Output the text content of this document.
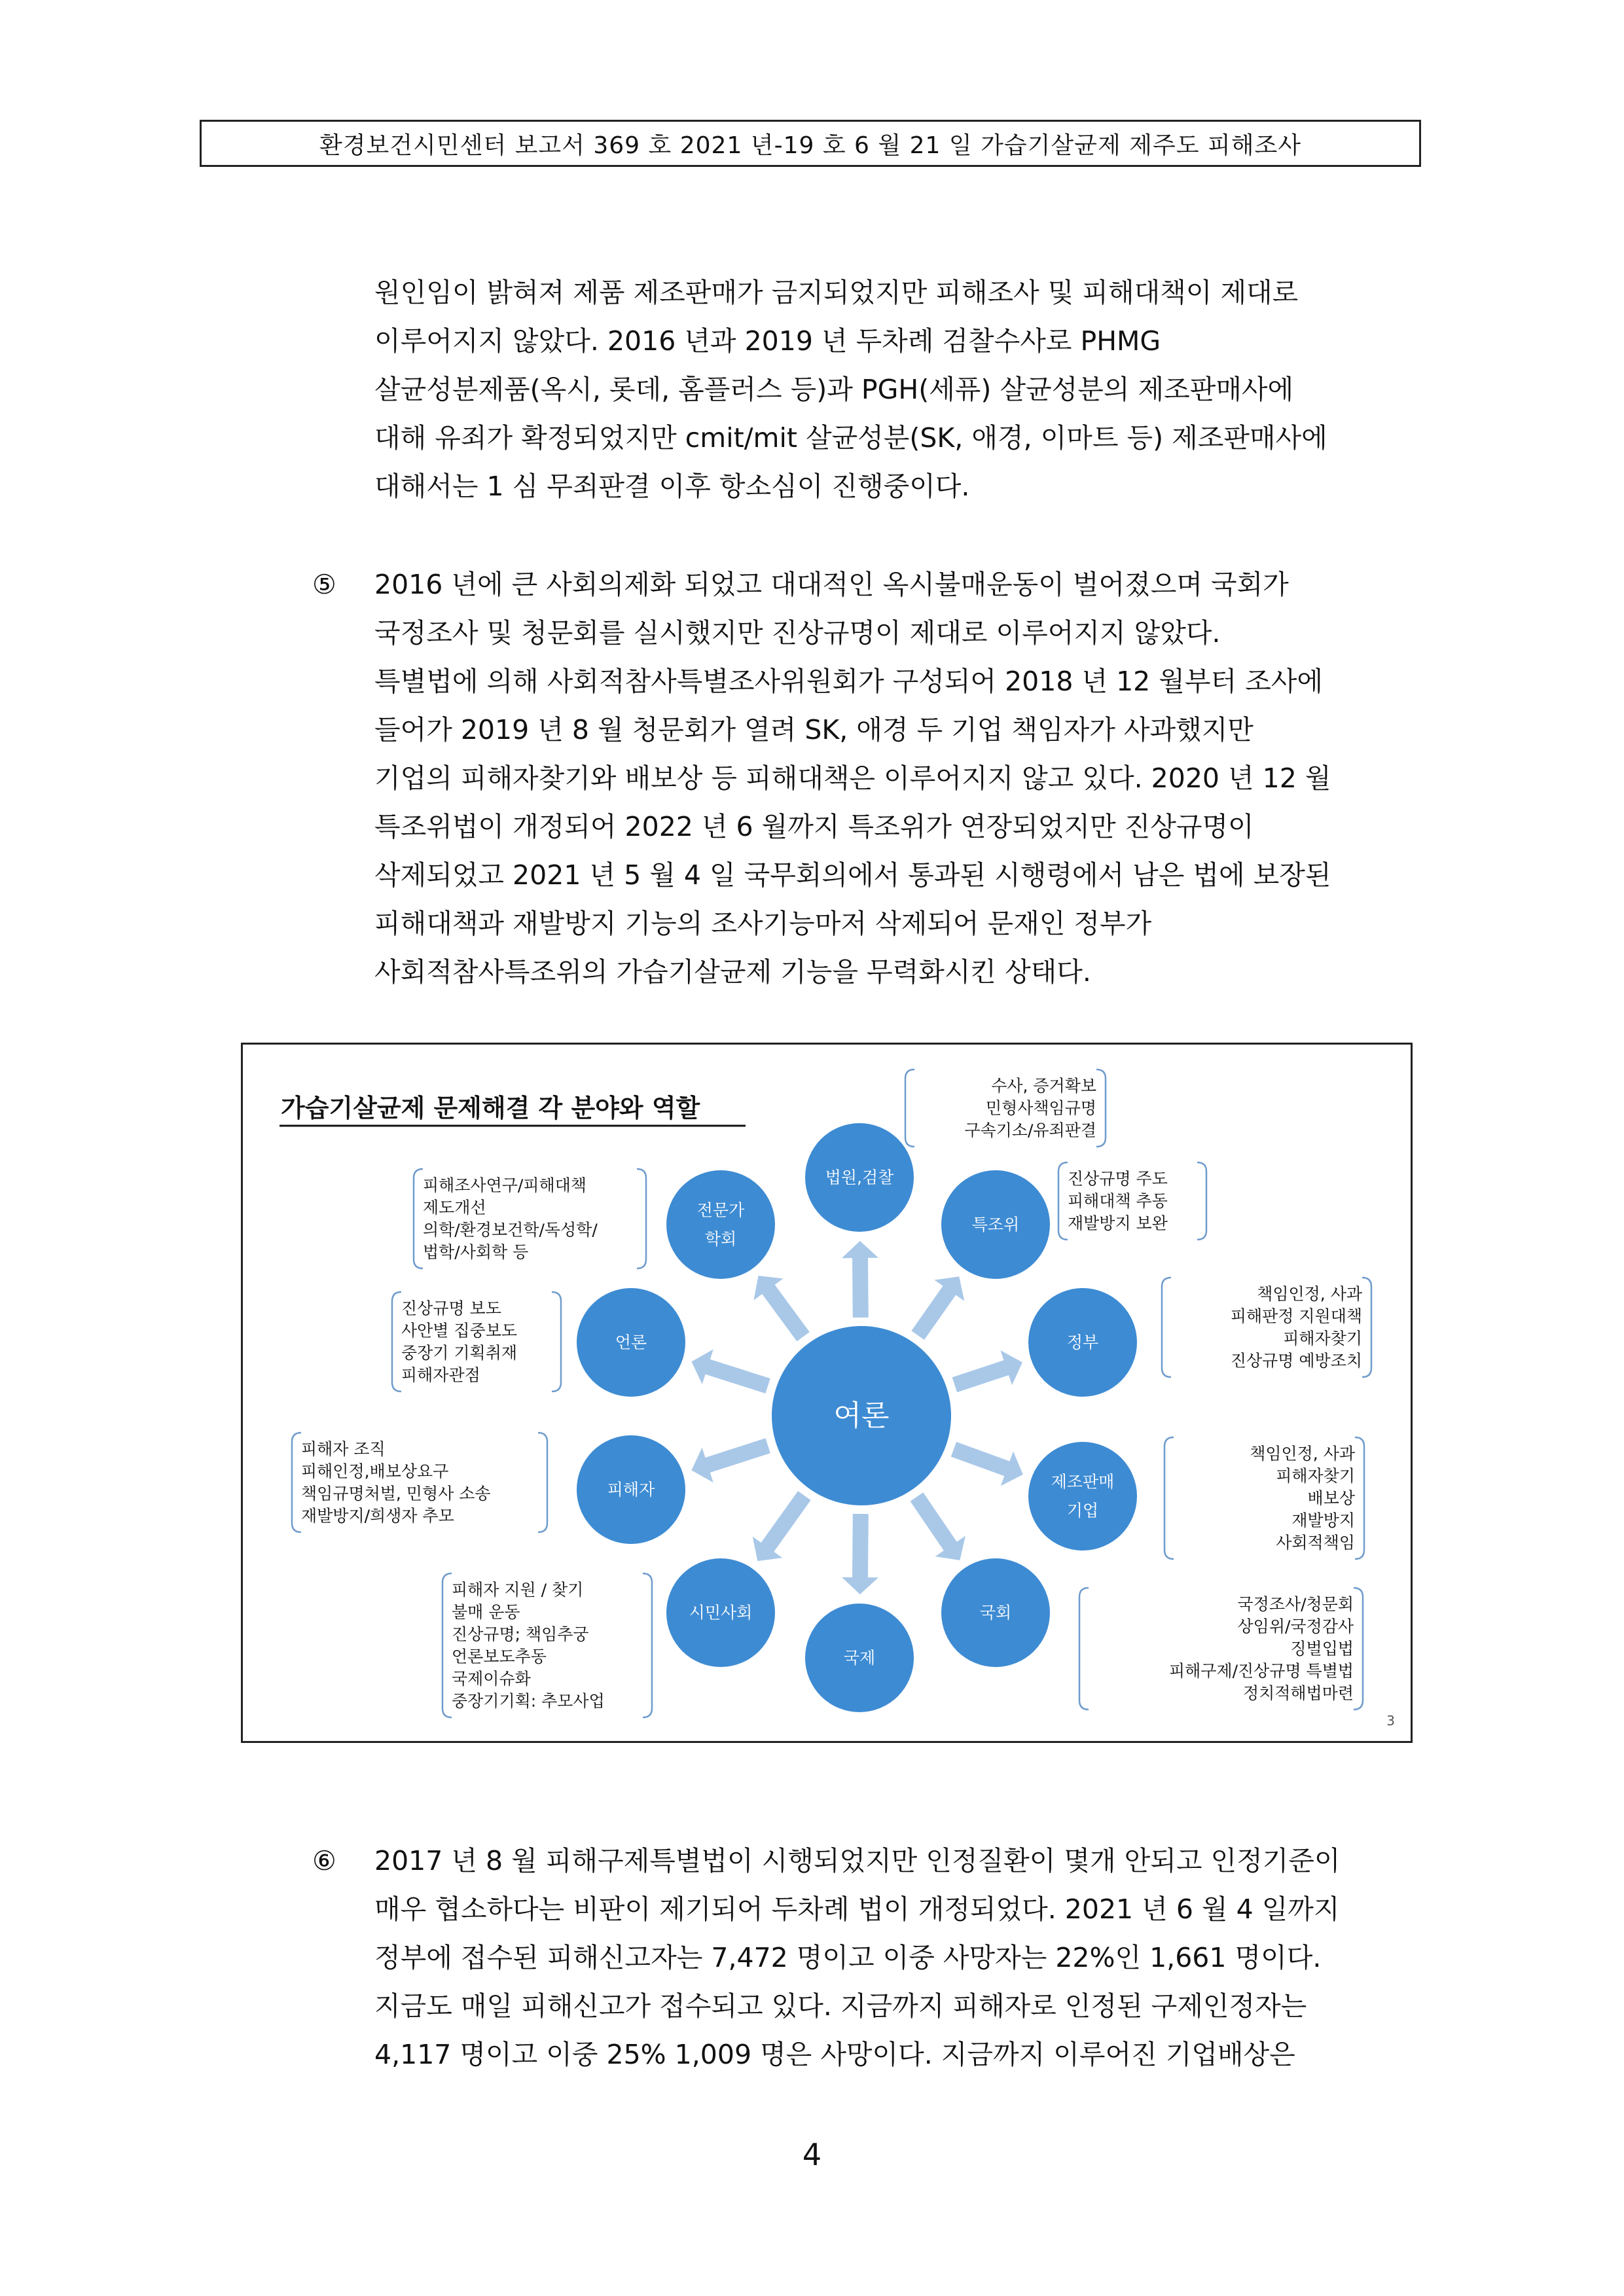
환경보건시민센터 보고서 369 호 2021 년-19 호 6 월 21 일 가습기살균제 제주도 피해조사
원인임이 밝혀져 제품 제조판매가 금지되었지만 피해조사 및 피해대책이 제대로
이루어지지 않았다. 2016 년과 2019 년 두차례 검찰수사로 PHMG
살균성분제품(옥시, 롯데, 홈플러스 등)과 PGH(세퓨) 살균성분의 제조판매사에
대해 유죄가 확정되었지만 cmit/mit 살균성분(SK, 애경, 이마트 등) 제조판매사에
대해서는 1 심 무죄판결 이후 항소심이 진행중이다.
⑤ 2016 년에 큰 사회의제화 되었고 대대적인 옥시불매운동이 벌어졌으며 국회가
국정조사 및 청문회를 실시했지만 진상규명이 제대로 이루어지지 않았다.
특별법에 의해 사회적참사특별조사위원회가 구성되어 2018 년 12 월부터 조사에
들어가 2019 년 8 월 청문회가 열려 SK, 애경 두 기업 책임자가 사과했지만
기업의 피해자찾기와 배보상 등 피해대책은 이루어지지 않고 있다. 2020 년 12 월
특조위법이 개정되어 2022 년 6 월까지 특조위가 연장되었지만 진상규명이
삭제되었고 2021 년 5 월 4 일 국무회의에서 통과된 시행령에서 남은 법에 보장된
피해대책과 재발방지 기능의 조사기능마저 삭제되어 문재인 정부가
사회적참사특조위의 가습기살균제 기능을 무력화시킨 상태다.
가습기살균제 문제해결 각 분야와 역할
수사, 증거확보
민형사책임규명
구속기소/유죄판결
진상규명 주도
피해대책 추동
재발방지 보완
책임인정, 사과
피해판정 지원대책
피해자찾기
진상규명 예방조치
책임인정, 사과
피해자찾기
배보상
재발방지
사회적책임
국정조사/청문회
상임위/국정감사
징벌입법
피해구제/진상규명 특별법
정치적해법마련
피해자 지원 / 찾기
불매 운동
진상규명; 책임추궁
언론보도추동
국제이슈화
중장기기획: 추모사업
피해자 조직
피해인정,배보상요구
책임규명처벌, 민형사 소송
재발방지/희생자 추모
진상규명 보도
사안별 집중보도
중장기 기획취재
피해자관점
피해조사연구/피해대책
제도개선
의학/환경보건학/독성학/
법학/사회학 등
법원,검찰
특조위
정부
제조판매
기업
국회
국제
시민사회
피해자
언론
전문가
학회
여론
3
⑥ 2017 년 8 월 피해구제특별법이 시행되었지만 인정질환이 몇개 안되고 인정기준이
매우 협소하다는 비판이 제기되어 두차례 법이 개정되었다. 2021 년 6 월 4 일까지
정부에 접수된 피해신고자는 7,472 명이고 이중 사망자는 22%인 1,661 명이다.
지금도 매일 피해신고가 접수되고 있다. 지금까지 피해자로 인정된 구제인정자는
4,117 명이고 이중 25% 1,009 명은 사망이다. 지금까지 이루어진 기업배상은
4
